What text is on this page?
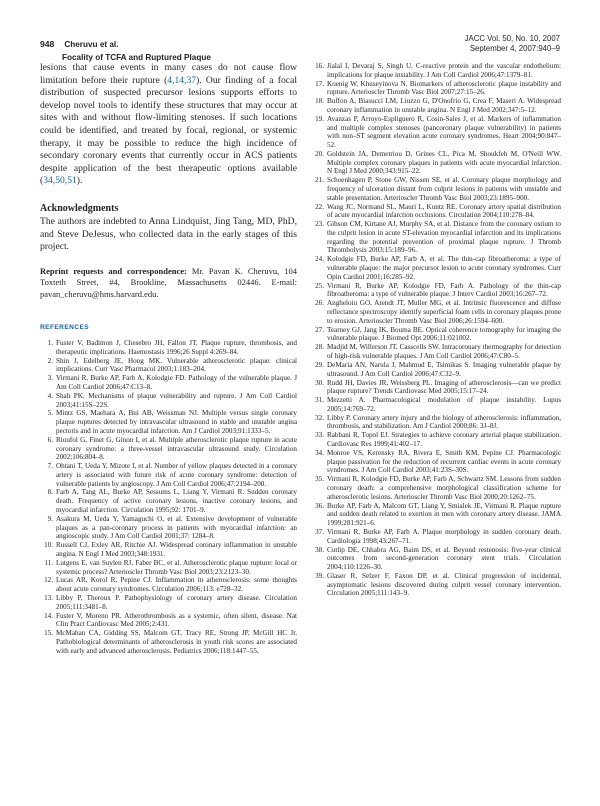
948 Cheruvu et al.
Focality of TCFA and Ruptured Plaque
JACC Vol. 50, No. 10, 2007
September 4, 2007:940–9

lesions that cause events in many cases do not cause flow limitation before their rupture (4,14,37). Our finding of a focal distribution of suspected precursor lesions supports efforts to develop novel tools to identify these structures that may occur at sites with and without flow-limiting stenoses. If such locations could be identified, and treated by focal, regional, or systemic therapy, it may be possible to reduce the high incidence of secondary coronary events that currently occur in ACS patients despite application of the best therapeutic options available (34,50,51).

Acknowledgments

The authors are indebted to Anna Lindquist, Jing Tang, MD, PhD, and Steve DeJesus, who collected data in the early stages of this project.

Reprint requests and correspondence: Mr. Pavan K. Cheruvu, 104 Toxteth Street, #4, Brookline, Massachusetts 02446. E-mail: pavan_cheruvu@hms.harvard.edu.

REFERENCES
1. Fuster V, Badimon J, Chesebro JH, Fallon JT. Plaque rupture, thrombosis, and therapeutic implications. Haemostasis 1996;26 Suppl 4:269–84.
2. Shin J, Edelberg JE, Hong MK. Vulnerable atherosclerotic plaque: clinical implications. Curr Vasc Pharmacol 2003;1:183–204.
3. Virmani R, Burke AP, Farb A, Kolodgie FD. Pathology of the vulnerable plaque. J Am Coll Cardiol 2006;47:C13–8.
4. Shah PK. Mechanisms of plaque vulnerability and rupture. J Am Coll Cardiol 2003;41:15S–22S.
5. Mintz GS, Maehara A, Bui AB, Weissman NJ. Multiple versus single coronary plaque ruptures detected by intravascular ultrasound in stable and unstable angina pectoris and in acute myocardial infarction. Am J Cardiol 2003;91:1333–5.
6. Rioufol G, Finet G, Ginon I, et al. Multiple atherosclerotic plaque rupture in acute coronary syndrome: a three-vessel intravascular ultrasound study. Circulation 2002;106:804–8.
7. Ohtani T, Ueda Y, Mizote I, et al. Number of yellow plaques detected in a coronary artery is associated with future risk of acute coronary syndrome: detection of vulnerable patients by angioscopy. J Am Coll Cardiol 2006;47:2194–200.
8. Farb A, Tang AL, Burke AP, Sessums L, Liang Y, Virmani R. Sudden coronary death. Frequency of active coronary lesions, inactive coronary lesions, and myocardial infarction. Circulation 1995;92: 1701–9.
9. Asakura M, Ueda Y, Yamaguchi O, et al. Extensive development of vulnerable plaques as a pan-coronary process in patients with myocardial infarction: an angioscopic study. J Am Coll Cardiol 2001;37: 1284–8.
10. Russell CJ, Exley AR, Ritchie AJ. Widespread coronary inflammation in unstable angina. N Engl J Med 2003;348:1931.
11. Lutgens E, van Suylen RJ, Faber BC, et al. Atherosclerotic plaque rupture: local or systemic process? Arterioscler Thromb Vasc Biol 2003;23:2123–30.
12. Lucas AR, Korol R, Pepine CJ. Inflammation in atherosclerosis: some thoughts about acute coronary syndromes. Circulation 2006;113: e728–32.
13. Libby P, Theroux P. Pathophysiology of coronary artery disease. Circulation 2005;111:3481–8.
14. Fuster V, Moreno PR. Atherothrombosis as a systemic, often silent, disease. Nat Clin Pract Cardiovasc Med 2005;2:431.
15. McMahan CA, Gidding SS, Malcom GT, Tracy RE, Strong JP, McGill HC Jr. Pathobiological determinants of atherosclerosis in youth risk scores are associated with early and advanced atherosclerosis. Pediatrics 2006;118:1447–55.
16. Jialal I, Devaraj S, Singh U. C-reactive protein and the vascular endothelium: implications for plaque instability. J Am Coll Cardiol 2006;47:1379–81.
17. Koenig W, Khuseyinova N. Biomarkers of atherosclerotic plaque instability and rupture. Arterioscler Thromb Vasc Biol 2007;27:15–26.
18. Buffon A, Biasucci LM, Liuzzo G, D'Onofrio G, Crea F, Maseri A. Widespread coronary inflammation in unstable angina. N Engl J Med 2002;347:5–12.
19. Avanzas P, Arroyo-Espliguero R, Cosin-Sales J, et al. Markers of inflammation and multiple complex stenoses (pancoronary plaque vulnerability) in patients with non–ST segment elevation acute coronary syndromes. Heart 2004;90:847–52.
20. Goldstein JA, Demetriou D, Grines CL, Pica M, Shoukfeh M, O'Neill WW. Multiple complex coronary plaques in patients with acute myocardial infarction. N Engl J Med 2000;343:915–22.
21. Schoenhagen P, Stone GW, Nissen SE, et al. Coronary plaque morphology and frequency of ulceration distant from culprit lesions in patients with unstable and stable presentation. Arterioscler Thromb Vasc Biol 2003;23:1895–900.
22. Wang JC, Normand SL, Mauri L, Kuntz RE. Coronary artery spatial distribution of acute myocardial infarction occlusions. Circulation 2004;110:278–84.
23. Gibson CM, Kirtane AJ, Murphy SA, et al. Distance from the coronary ostium to the culprit lesion in acute ST-elevation myocardial infarction and its implications regarding the potential prevention of proximal plaque rupture. J Thromb Thrombolysis 2003;15:189–96.
24. Kolodgie FD, Burke AP, Farb A, et al. The thin-cap fibroatheroma: a type of vulnerable plaque: the major precursor lesion to acute coronary syndromes. Curr Opin Cardiol 2001;16:285–92.
25. Virmani R, Burke AP, Kolodgie FD, Farb A. Pathology of the thin-cap fibroatheroma: a type of vulnerable plaque. J Interv Cardiol 2003;16:267–72.
26. Angheloiu GO, Arendt JT, Muller MG, et al. Intrinsic fluorescence and diffuse reflectance spectroscopy identify superficial foam cells in coronary plaques prone to erosion. Arterioscler Thromb Vasc Biol 2006;26:1594–600.
27. Tearney GJ, Jang IK, Bouma BE. Optical coherence tomography for imaging the vulnerable plaque. J Biomed Opt 2006;11:021002.
28. Madjid M, Willerson JT, Casscells SW. Intracoronary thermography for detection of high-risk vulnerable plaques. J Am Coll Cardiol 2006;47:C80–5.
29. DeMaria AN, Narula J, Mahmud E, Tsimikas S. Imaging vulnerable plaque by ultrasound. J Am Coll Cardiol 2006;47:C32–9.
30. Rudd JH, Davies JR, Weissberg PL. Imaging of atherosclerosis—can we predict plaque rupture? Trends Cardiovasc Med 2005;15:17–24.
31. Mezzetti A. Pharmacological modulation of plaque instability. Lupus 2005;14:769–72.
32. Libby P. Coronary artery injury and the biology of atherosclerosis: inflammation, thrombosis, and stabilization. Am J Cardiol 2000;86: 3J–8J.
33. Rabbani R, Topol EJ. Strategies to achieve coronary arterial plaque stabilization. Cardiovasc Res 1999;41:402–17.
34. Monroe VS, Kerensky RA, Rivera E, Smith KM, Pepine CJ. Pharmacologic plaque passivation for the reduction of recurrent cardiac events in acute coronary syndromes. J Am Coll Cardiol 2003;41:23S–30S.
35. Virmani R, Kolodgie FD, Burke AP, Farb A, Schwartz SM. Lessons from sudden coronary death: a comprehensive morphological classification scheme for atherosclerotic lesions. Arterioscler Thromb Vasc Biol 2000;20:1262–75.
36. Burke AP, Farb A, Malcom GT, Liang Y, Smialek JE, Virmani R. Plaque rupture and sudden death related to exertion in men with coronary artery disease. JAMA 1999;281:921–6.
37. Virmani R, Burke AP, Farb A. Plaque morphology in sudden coronary death. Cardiologia 1998;43:267–71.
38. Cutlip DE, Chhabra AG, Baim DS, et al. Beyond restenosis: five-year clinical outcomes from second-generation coronary stent trials. Circulation 2004;110:1226–30.
39. Glaser R, Selzer F, Faxon DP, et al. Clinical progression of incidental, asymptomatic lesions discovered during culprit vessel coronary intervention. Circulation 2005;111:143–9.
